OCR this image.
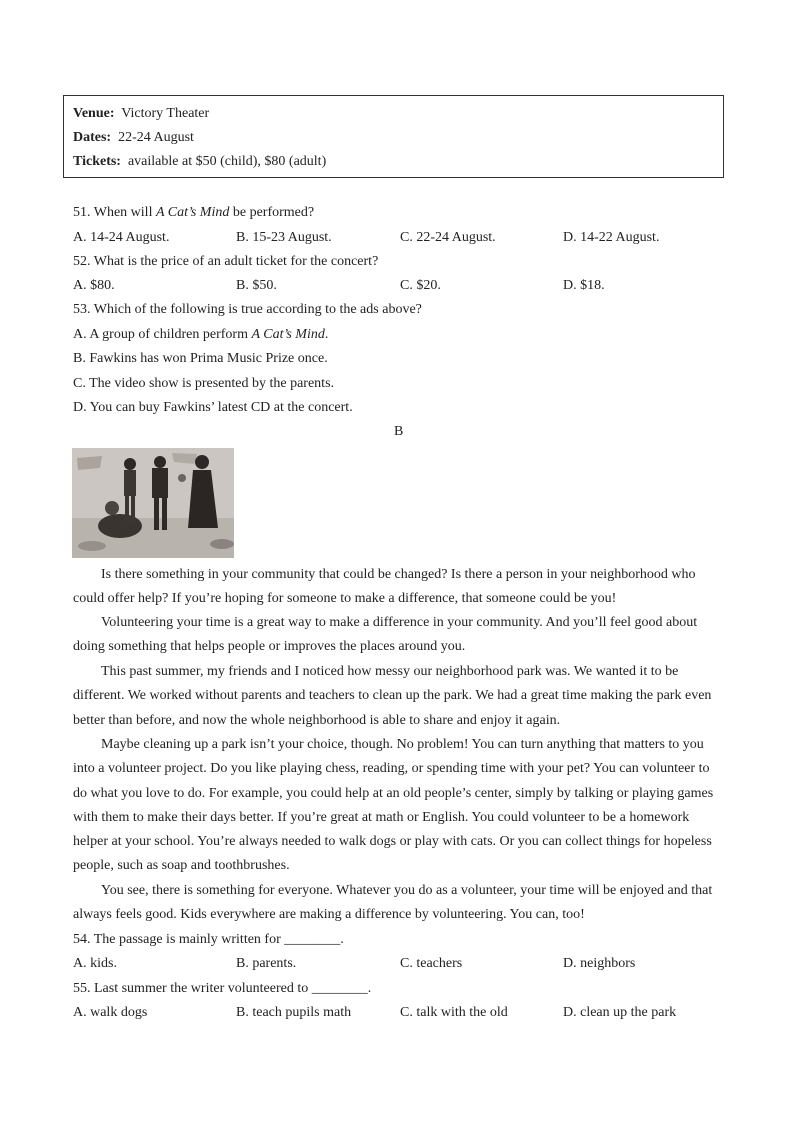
Venue: Victory Theater
Dates: 22-24 August
Tickets: available at $50 (child), $80 (adult)
51. When will A Cat’s Mind be performed?
A. 14-24 August.	B. 15-23 August.	C. 22-24 August.	D. 14-22 August.
52. What is the price of an adult ticket for the concert?
A. $80.	B. $50.	C. $20.	D. $18.
53. Which of the following is true according to the ads above?
A. A group of children perform A Cat’s Mind.
B. Fawkins has won Prima Music Prize once.
C. The video show is presented by the parents.
D. You can buy Fawkins’ latest CD at the concert.
B

Is there something in your community that could be changed? Is there a person in your neighborhood who could offer help? If you’re hoping for someone to make a difference, that someone could be you!

Volunteering your time is a great way to make a difference in your community. And you’ll feel good about doing something that helps people or improves the places around you.

This past summer, my friends and I noticed how messy our neighborhood park was. We wanted it to be different. We worked without parents and teachers to clean up the park. We had a great time making the park even better than before, and now the whole neighborhood is able to share and enjoy it again.

Maybe cleaning up a park isn’t your choice, though. No problem! You can turn anything that matters to you into a volunteer project. Do you like playing chess, reading, or spending time with your pet? You can volunteer to do what you love to do. For example, you could help at an old people’s center, simply by talking or playing games with them to make their days better. If you’re great at math or English. You could volunteer to be a homework helper at your school. You’re always needed to walk dogs or play with cats. Or you can collect things for hopeless people, such as soap and toothbrushes.

You see, there is something for everyone. Whatever you do as a volunteer, your time will be enjoyed and that always feels good. Kids everywhere are making a difference by volunteering. You can, too!

54. The passage is mainly written for ________.
A. kids.	B. parents.	C. teachers	D. neighbors
55. Last summer the writer volunteered to ________.
A. walk dogs	B. teach pupils math	C. talk with the old	D. clean up the park
